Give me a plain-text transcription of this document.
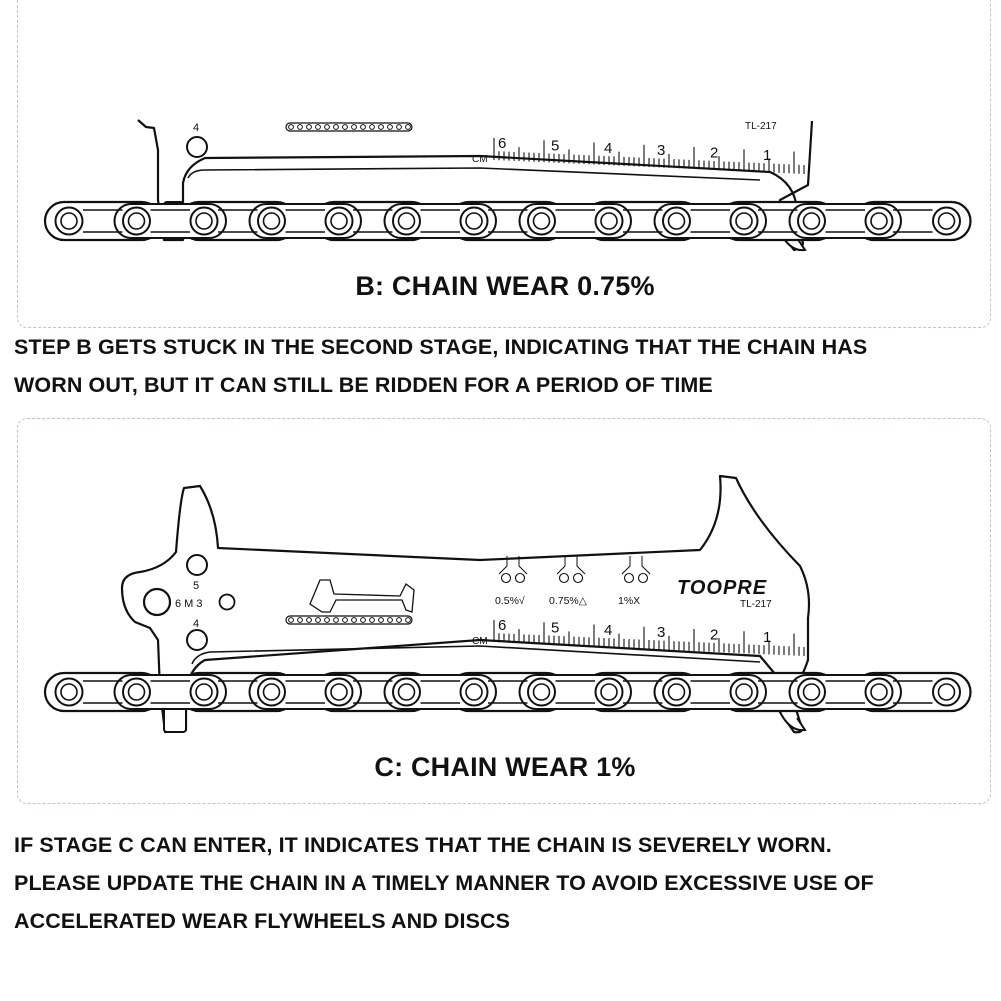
B: CHAIN WEAR 0.75%
4	TL-217
CM
6	5	4	3	2	1
STEP B GETS STUCK IN THE SECOND STAGE, INDICATING THAT THE CHAIN HAS
WORN OUT, BUT IT CAN STILL BE RIDDEN FOR A PERIOD OF TIME
C: CHAIN WEAR 1%
5
6 M 3
4
0.5%√ 0.75%△	1%X
TOOPRE
TL-217
CM
6	5	4	3	2	1
IF STAGE C CAN ENTER, IT INDICATES THAT THE CHAIN IS SEVERELY WORN.
PLEASE UPDATE THE CHAIN IN A TIMELY MANNER TO AVOID EXCESSIVE USE OF
ACCELERATED WEAR FLYWHEELS AND DISCS
